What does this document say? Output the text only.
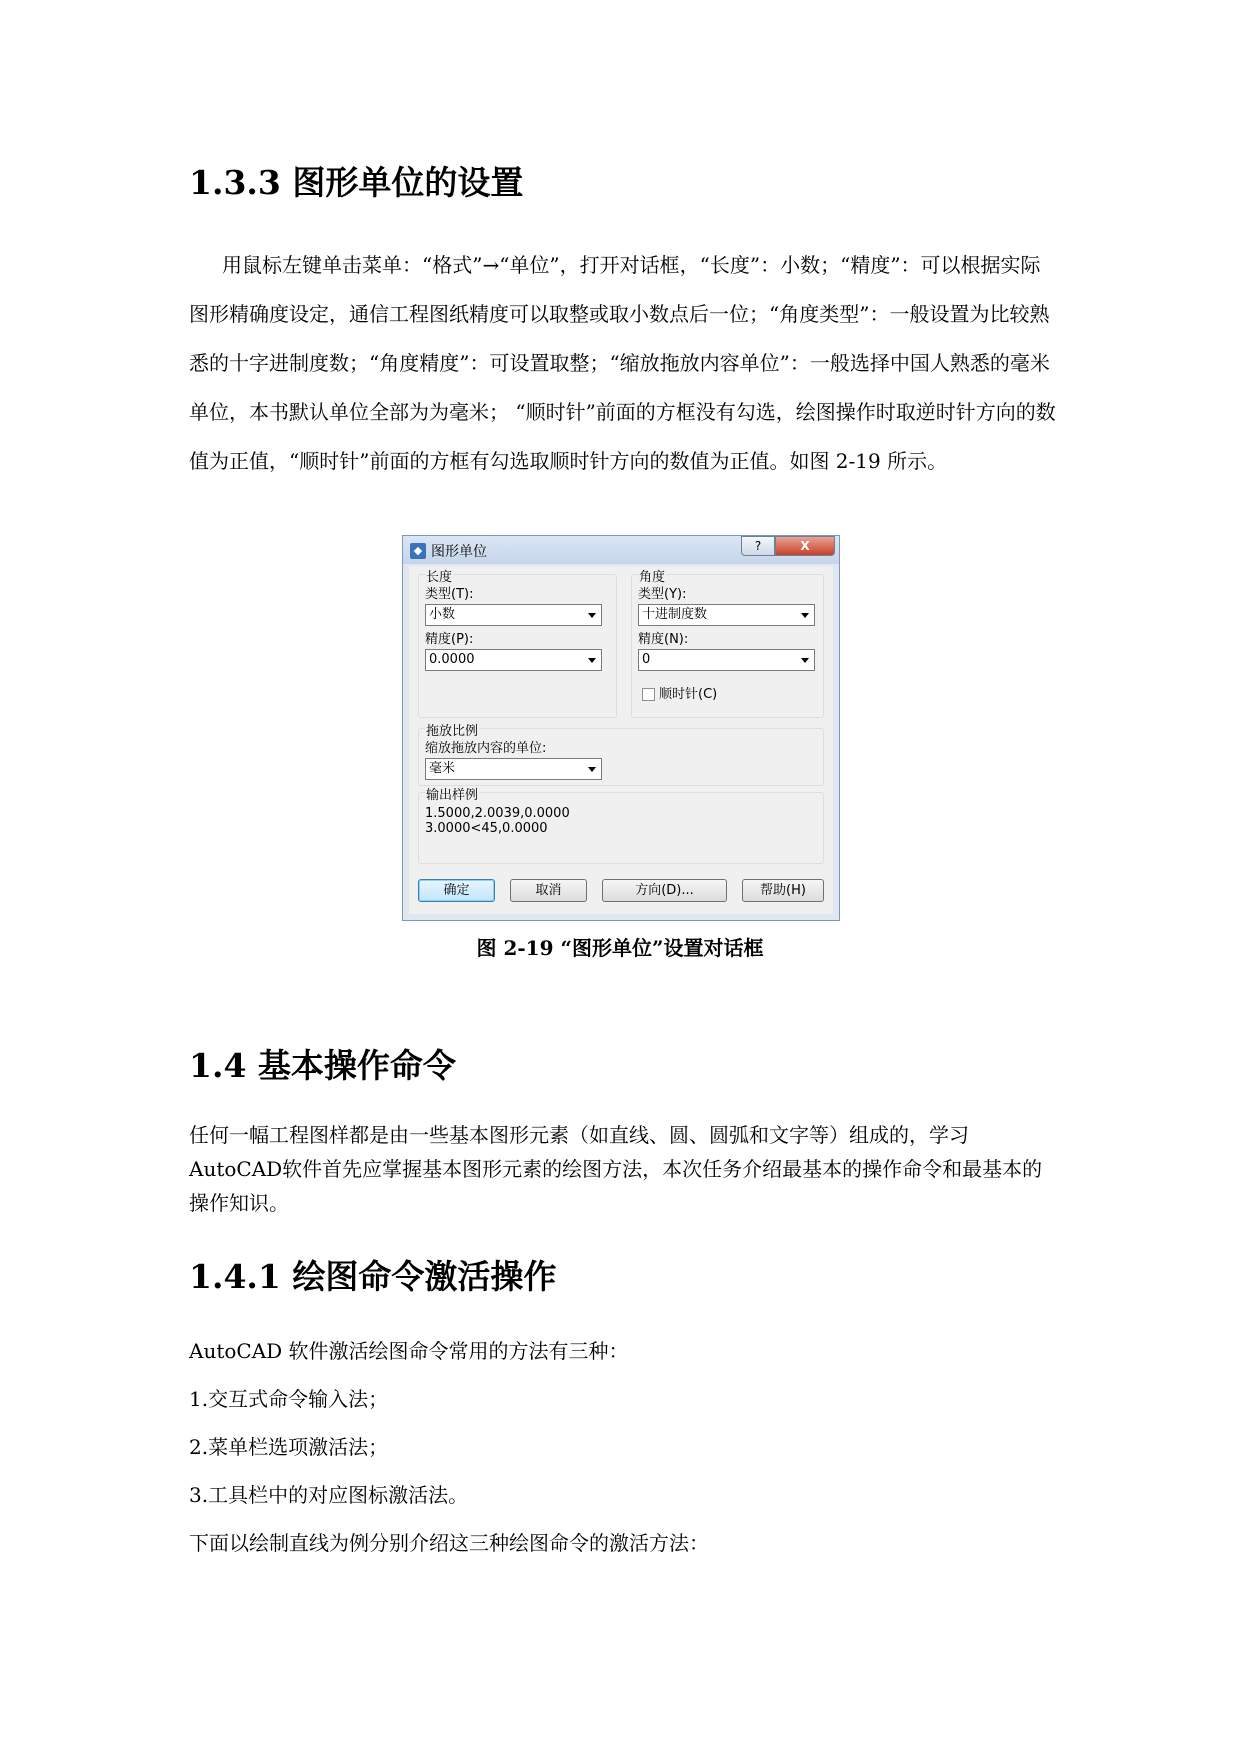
1.3.3 图形单位的设置
用鼠标左键单击菜单：“格式”→“单位”，打开对话框，“长度”：小数；“精度”：可以根据实际图形精确度设定，通信工程图纸精度可以取整或取小数点后一位；“角度类型”：一般设置为比较熟悉的十字进制度数；“角度精度”：可设置取整；“缩放拖放内容单位”：一般选择中国人熟悉的毫米单位，本书默认单位全部为为毫米； “顺时针”前面的方框没有勾选，绘图操作时取逆时针方向的数值为正值，“顺时针”前面的方框有勾选取顺时针方向的数值为正值。如图 2-19 所示。
1.4 基本操作命令
任何一幅工程图样都是由一些基本图形元素（如直线、圆、圆弧和文字等）组成的，学习AutoCAD软件首先应掌握基本图形元素的绘图方法，本次任务介绍最基本的操作命令和最基本的操作知识。
1.4.1 绘图命令激活操作
AutoCAD 软件激活绘图命令常用的方法有三种：
1.交互式命令输入法；
2.菜单栏选项激活法；
3.工具栏中的对应图标激活法。
下面以绘制直线为例分别介绍这三种绘图命令的激活方法：
◆ 图形单位	?	X
长度
类型(T):
小数
精度(P):
0.0000
角度
类型(Y):
十进制度数
精度(N):
0
顺时针(C)
拖放比例
缩放拖放内容的单位:
毫米
输出样例
1.5000,2.0039,0.0000
3.0000<45,0.0000
确定	取消	方向(D)...	帮助(H)
图 2-19 “图形单位”设置对话框
